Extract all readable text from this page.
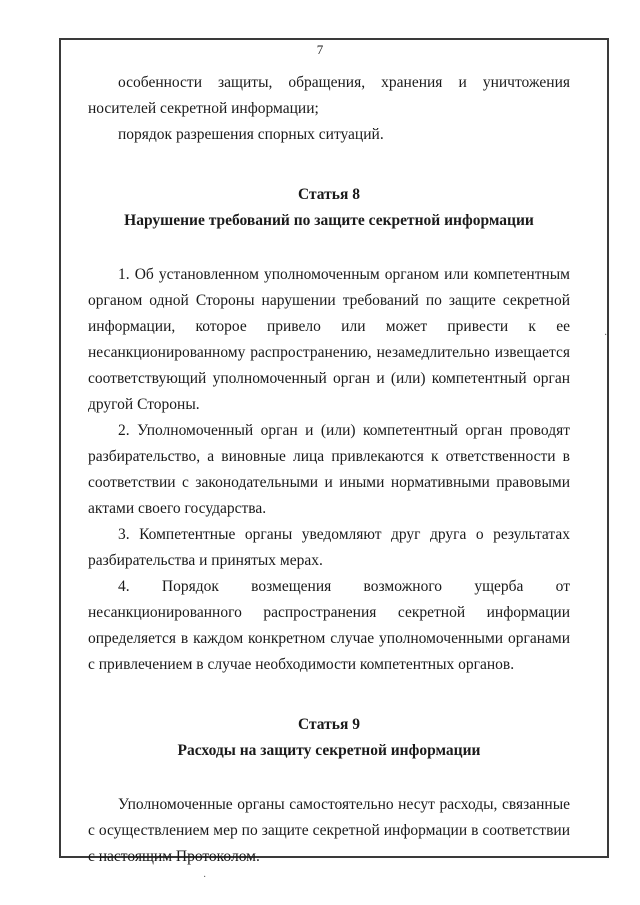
7

особенности защиты, обращения, хранения и уничтожения носителей секретной информации;

порядок разрешения спорных ситуаций.

Статья 8

Нарушение требований по защите секретной информации

1. Об установленном уполномоченным органом или компетентным органом одной Стороны нарушении требований по защите секретной информации, которое привело или может привести к ее несанкционированному распространению, незамедлительно извещается соответствующий уполномоченный орган и (или) компетентный орган другой Стороны.

2. Уполномоченный орган и (или) компетентный орган проводят разбирательство, а виновные лица привлекаются к ответственности в соответствии с законодательными и иными нормативными правовыми актами своего государства.

3. Компетентные органы уведомляют друг друга о результатах разбирательства и принятых мерах.

4. Порядок возмещения возможного ущерба от несанкционированного распространения секретной информации определяется в каждом конкретном случае уполномоченными органами с привлечением в случае необходимости компетентных органов.

Статья 9

Расходы на защиту секретной информации

Уполномоченные органы самостоятельно несут расходы, связанные с осуществлением мер по защите секретной информации в соответствии с настоящим Протоколом.

·
·
